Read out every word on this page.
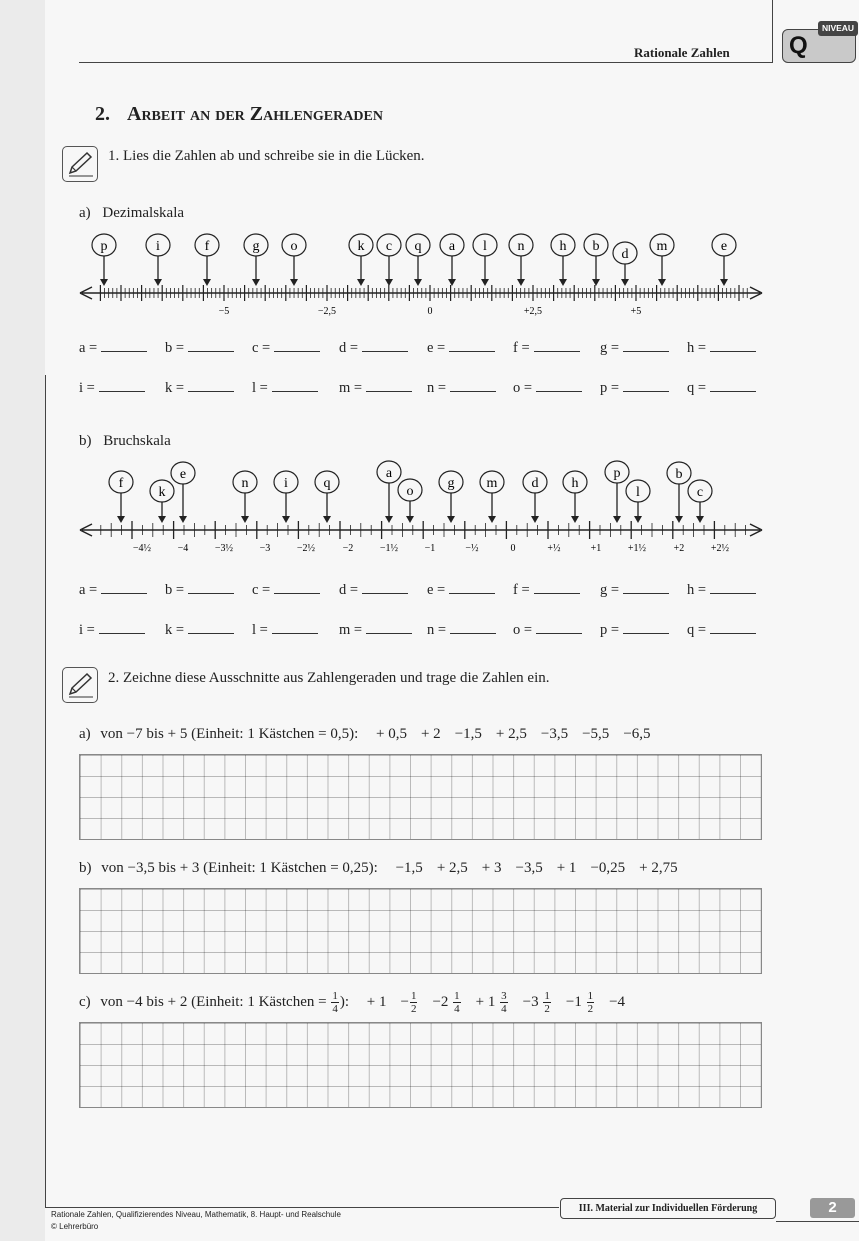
Rationale Zahlen Q
NIVEAU
2. Arbeit an der Zahlengeraden
1. Lies die Zahlen ab und schreibe sie in die Lücken.
a) Dezimalskala
−5	−2,5	0	+2,5	+5
p	i	f	g o	k c q a l n	h b
d
m	e
a =	b =	c =	d =	e =	f =	g =	h =
i =	k =	l =	m =	n =	o =	p =	q =
b) Bruchskala
−4½	−4	−3½	−3	−2½	−2	−1½	−1	−½	0	+½	+1	+1½	+2	+2½
f
k
e
n	i	q
a
o
g m d h
p
l
b
c
a =	b =	c =	d =	e =	f =	g =	h =
i =	k =	l =	m =	n =	o =	p =	q =
2. Zeichne diese Ausschnitte aus Zahlengeraden und trage die Zahlen ein.
a) von −7 bis + 5 (Einheit: 1 Kästchen = 0,5): + 0,5 + 2 −1,5 + 2,5 −3,5 −5,5 −6,5
b) von −3,5 bis + 3 (Einheit: 1 Kästchen = 0,25): −1,5 + 2,5 + 3 −3,5 + 1 −0,25 + 2,75
c) von −4 bis + 2 (Einheit: 1 Kästchen = $\frac{1}{4}$ ): + $1 - \frac{1}{2} -2 \frac{1}{4} + 1 \frac{3}{4} -3 \frac{1}{2} -1 \frac{1}{2} -4$
Rationale Zahlen, Qualifizierendes Niveau, Mathematik, 8. Haupt- und Realschule
© Lehrerbüro
III. Material zur Individuellen Förderung	2
